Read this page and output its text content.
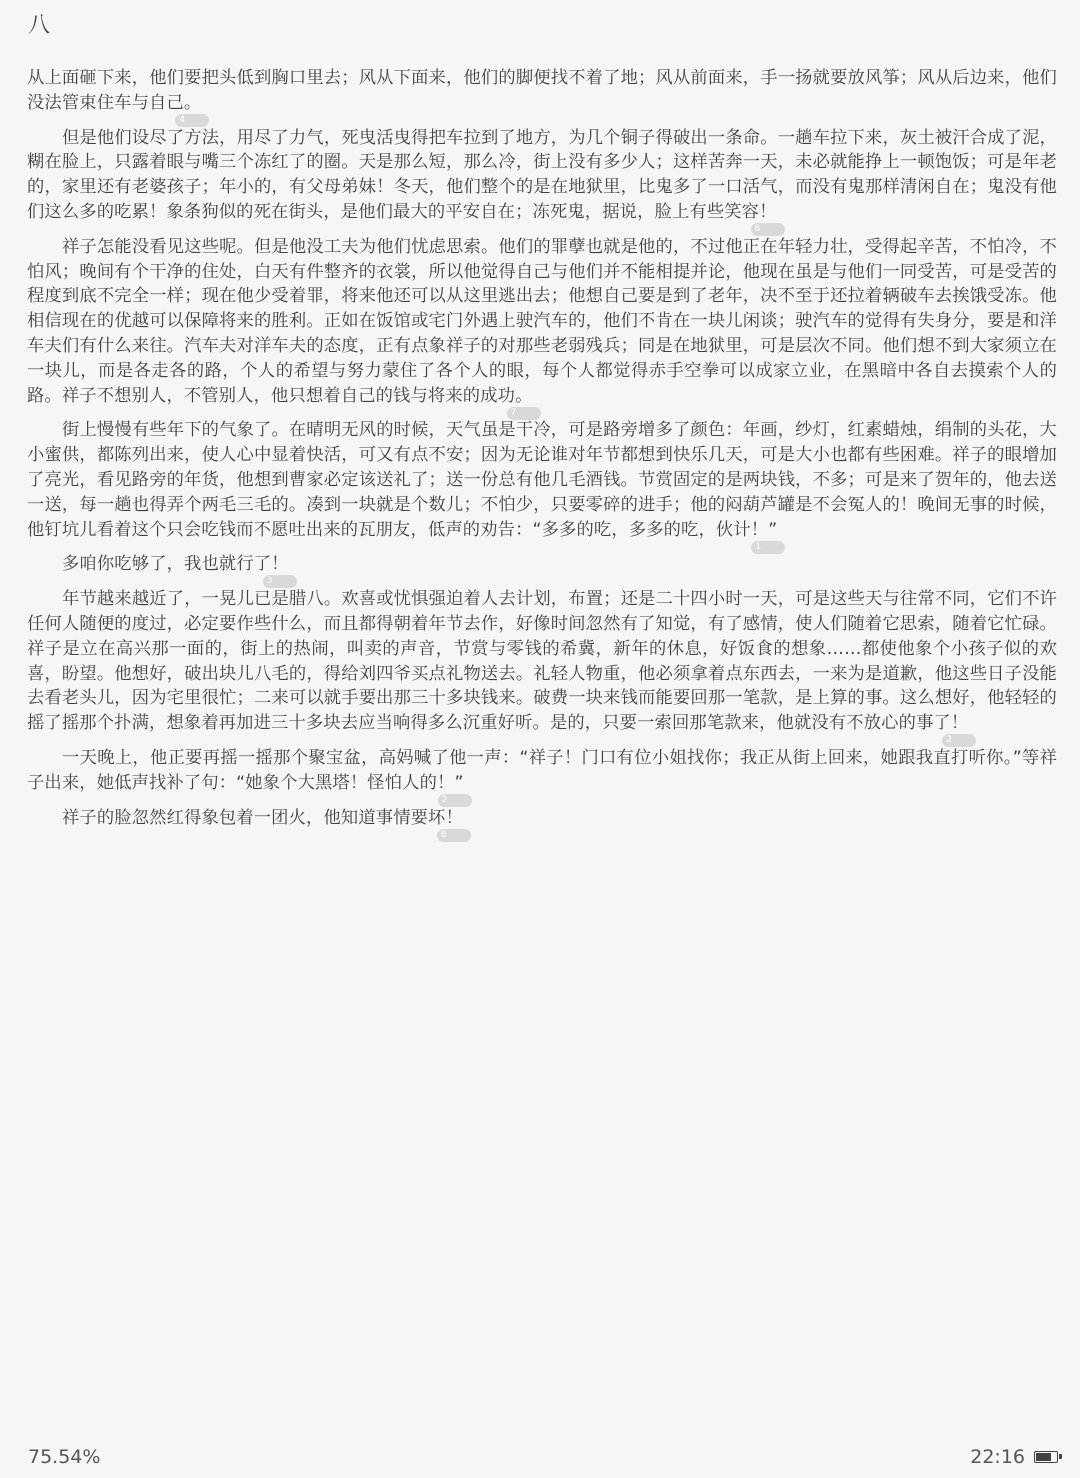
八

从上面砸下来，他们要把头低到胸口里去；风从下面来，他们的脚便找不着了地；风从前面来，手一扬就要放风筝；风从后边来，他们没法管束住车与自己。
4

但是他们设尽了方法，用尽了力气，死曳活曳得把车拉到了地方，为几个铜子得破出一条命。一趟车拉下来，灰土被汗合成了泥，糊在脸上，只露着眼与嘴三个冻红了的圈。天是那么短，那么冷，街上没有多少人；这样苦奔一天，未必就能挣上一顿饱饭；可是年老的，家里还有老婆孩子；年小的，有父母弟妹！冬天，他们整个的是在地狱里，比鬼多了一口活气，而没有鬼那样清闲自在；鬼没有他们这么多的吃累！象条狗似的死在街头，是他们最大的平安自在；冻死鬼，据说，脸上有些笑容！
8

祥子怎能没看见这些呢。但是他没工夫为他们忧虑思索。他们的罪孽也就是他的，不过他正在年轻力壮，受得起辛苦，不怕冷，不怕风；晚间有个干净的住处，白天有件整齐的衣裳，所以他觉得自己与他们并不能相提并论，他现在虽是与他们一同受苦，可是受苦的程度到底不完全一样；现在他少受着罪，将来他还可以从这里逃出去；他想自己要是到了老年，决不至于还拉着辆破车去挨饿受冻。他相信现在的优越可以保障将来的胜利。正如在饭馆或宅门外遇上驶汽车的，他们不肯在一块儿闲谈；驶汽车的觉得有失身分，要是和洋车夫们有什么来往。汽车夫对洋车夫的态度，正有点象祥子的对那些老弱残兵；同是在地狱里，可是层次不同。他们想不到大家须立在一块儿，而是各走各的路，个人的希望与努力蒙住了各个人的眼，每个人都觉得赤手空拳可以成家立业，在黑暗中各自去摸索个人的路。祥子不想别人，不管别人，他只想着自己的钱与将来的成功。
7

街上慢慢有些年下的气象了。在晴明无风的时候，天气虽是干冷，可是路旁增多了颜色：年画，纱灯，红素蜡烛，绢制的头花，大小蜜供，都陈列出来，使人心中显着快活，可又有点不安；因为无论谁对年节都想到快乐几天，可是大小也都有些困难。祥子的眼增加了亮光，看见路旁的年货，他想到曹家必定该送礼了；送一份总有他几毛酒钱。节赏固定的是两块钱，不多；可是来了贺年的，他去送一送，每一趟也得弄个两毛三毛的。凑到一块就是个数儿；不怕少，只要零碎的进手；他的闷葫芦罐是不会冤人的！晚间无事的时候，他钉坑儿看着这个只会吃钱而不愿吐出来的瓦朋友，低声的劝告：“多多的吃，多多的吃，伙计！”
1

多咱你吃够了，我也就行了！
3

年节越来越近了，一晃儿已是腊八。欢喜或忧惧强迫着人去计划，布置；还是二十四小时一天，可是这些天与往常不同，它们不许任何人随便的度过，必定要作些什么，而且都得朝着年节去作，好像时间忽然有了知觉，有了感情，使人们随着它思索，随着它忙碌。祥子是立在高兴那一面的，街上的热闹，叫卖的声音，节赏与零钱的希冀，新年的休息，好饭食的想象……都使他象个小孩子似的欢喜，盼望。他想好，破出块儿八毛的，得给刘四爷买点礼物送去。礼轻人物重，他必须拿着点东西去，一来为是道歉，他这些日子没能去看老头儿，因为宅里很忙；二来可以就手要出那三十多块钱来。破费一块来钱而能要回那一笔款，是上算的事。这么想好，他轻轻的摇了摇那个扑满，想象着再加进三十多块去应当响得多么沉重好听。是的，只要一索回那笔款来，他就没有不放心的事了！
2

一天晚上，他正要再摇一摇那个聚宝盆，高妈喊了他一声：“祥子！门口有位小姐找你；我正从街上回来，她跟我直打听你。”等祥子出来，她低声找补了句：“她象个大黑塔！怪怕人的！”
2

祥子的脸忽然红得象包着一团火，他知道事情要坏！
8

75.54%	22:16
